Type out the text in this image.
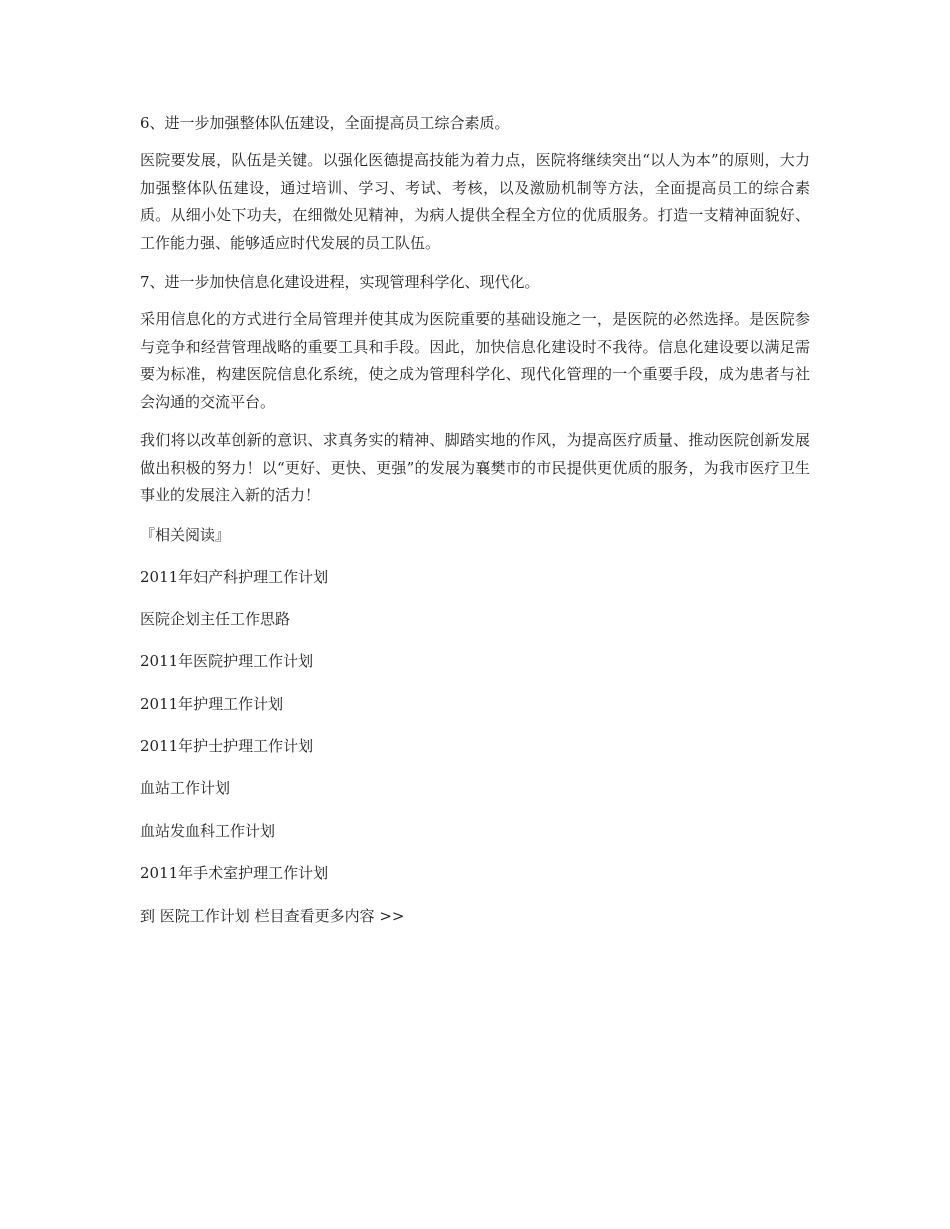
6、进一步加强整体队伍建设，全面提高员工综合素质。

医院要发展，队伍是关键。以强化医德提高技能为着力点，医院将继续突出“以人为本”的原则，大力加强整体队伍建设，通过培训、学习、考试、考核，以及激励机制等方法，全面提高员工的综合素质。从细小处下功夫，在细微处见精神，为病人提供全程全方位的优质服务。打造一支精神面貌好、工作能力强、能够适应时代发展的员工队伍。

7、进一步加快信息化建设进程，实现管理科学化、现代化。

采用信息化的方式进行全局管理并使其成为医院重要的基础设施之一，是医院的必然选择。是医院参与竞争和经营管理战略的重要工具和手段。因此，加快信息化建设时不我待。信息化建设要以满足需要为标准，构建医院信息化系统，使之成为管理科学化、现代化管理的一个重要手段，成为患者与社会沟通的交流平台。

我们将以改革创新的意识、求真务实的精神、脚踏实地的作风，为提高医疗质量、推动医院创新发展做出积极的努力！以“更好、更快、更强”的发展为襄樊市的市民提供更优质的服务，为我市医疗卫生事业的发展注入新的活力！

『相关阅读』

2011年妇产科护理工作计划
医院企划主任工作思路
2011年医院护理工作计划
2011年护理工作计划
2011年护士护理工作计划
血站工作计划
血站发血科工作计划
2011年手术室护理工作计划

到 医院工作计划 栏目查看更多内容 >>
